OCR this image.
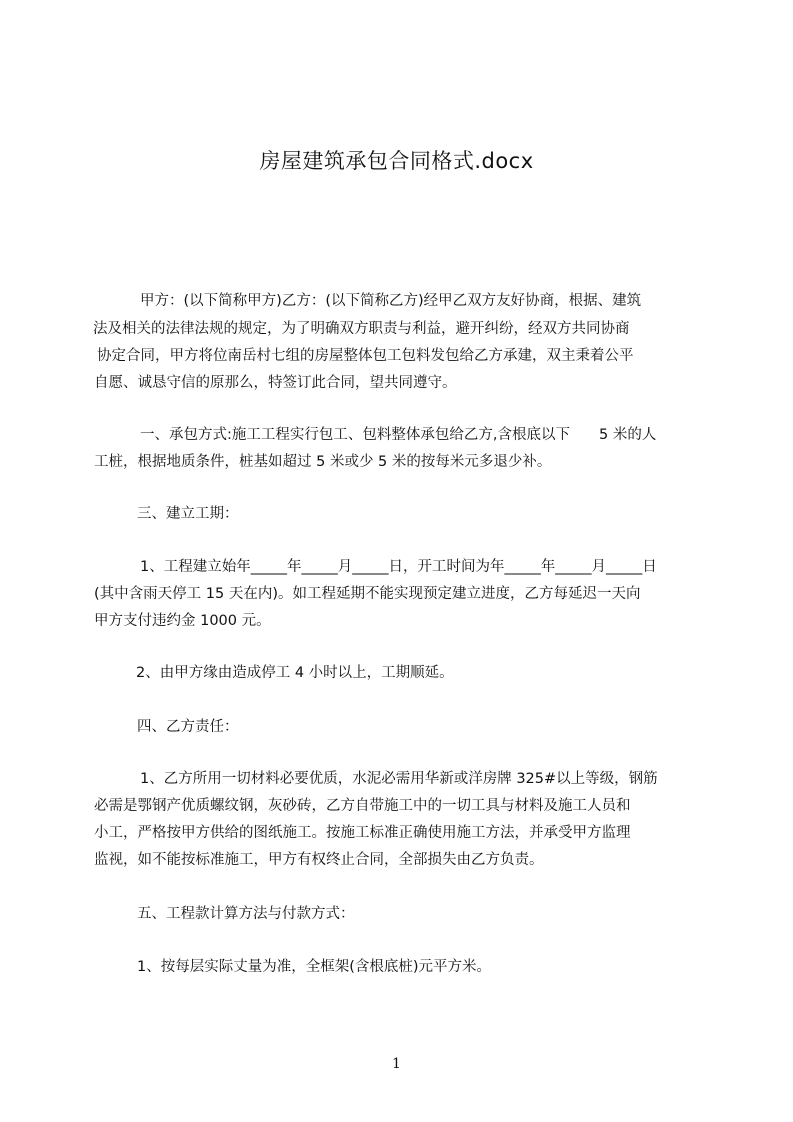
房屋建筑承包合同格式.docx
甲方：(以下简称甲方)乙方：(以下简称乙方)经甲乙双方友好协商，根据、建筑
法及相关的法律法规的规定，为了明确双方职责与利益，避开纠纷，经双方共同协商
协定合同，甲方将位南岳村七组的房屋整体包工包料发包给乙方承建，双主秉着公平
自愿、诚恳守信的原那么，特签订此合同，望共同遵守。
一、承包方式:施工工程实行包工、包料整体承包给乙方,含根底以下　　5 米的人
工桩，根据地质条件，桩基如超过 5 米或少 5 米的按每米元多退少补。
三、建立工期：
1、工程建立始年_____年_____月_____日，开工时间为年_____年_____月_____日
(其中含雨天停工 15 天在内)。如工程延期不能实现预定建立进度，乙方每延迟一天向
甲方支付违约金 1000 元。
2、由甲方缘由造成停工 4 小时以上，工期顺延。
四、乙方责任：
1、乙方所用一切材料必要优质，水泥必需用华新或洋房牌 325#以上等级，钢筋
必需是鄂钢产优质螺纹钢，灰砂砖，乙方自带施工中的一切工具与材料及施工人员和
小工，严格按甲方供给的图纸施工。按施工标准正确使用施工方法，并承受甲方监理
监视，如不能按标准施工，甲方有权终止合同，全部损失由乙方负责。
五、工程款计算方法与付款方式：
1、按每层实际丈量为准，全框架(含根底桩)元平方米。
1
